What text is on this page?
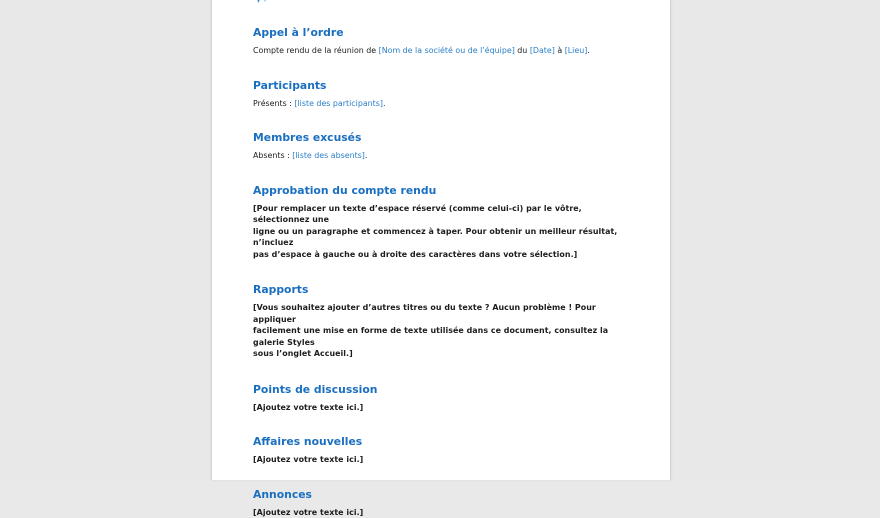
Appel à l’ordre

Compte rendu de la réunion de [Nom de la société ou de l’équipe] du [Date] à [Lieu].

Participants

Présents : [liste des participants].

Membres excusés

Absents : [liste des absents].

Approbation du compte rendu

[Pour remplacer un texte d’espace réservé (comme celui-ci) par le vôtre, sélectionnez une
ligne ou un paragraphe et commencez à taper. Pour obtenir un meilleur résultat, n’incluez
pas d’espace à gauche ou à droite des caractères dans votre sélection.]

Rapports

[Vous souhaitez ajouter d’autres titres ou du texte ? Aucun problème ! Pour appliquer
facilement une mise en forme de texte utilisée dans ce document, consultez la galerie Styles
sous l’onglet Accueil.]

Points de discussion

[Ajoutez votre texte ici.]

Affaires nouvelles

[Ajoutez votre texte ici.]

Annonces

[Ajoutez votre texte ici.]
